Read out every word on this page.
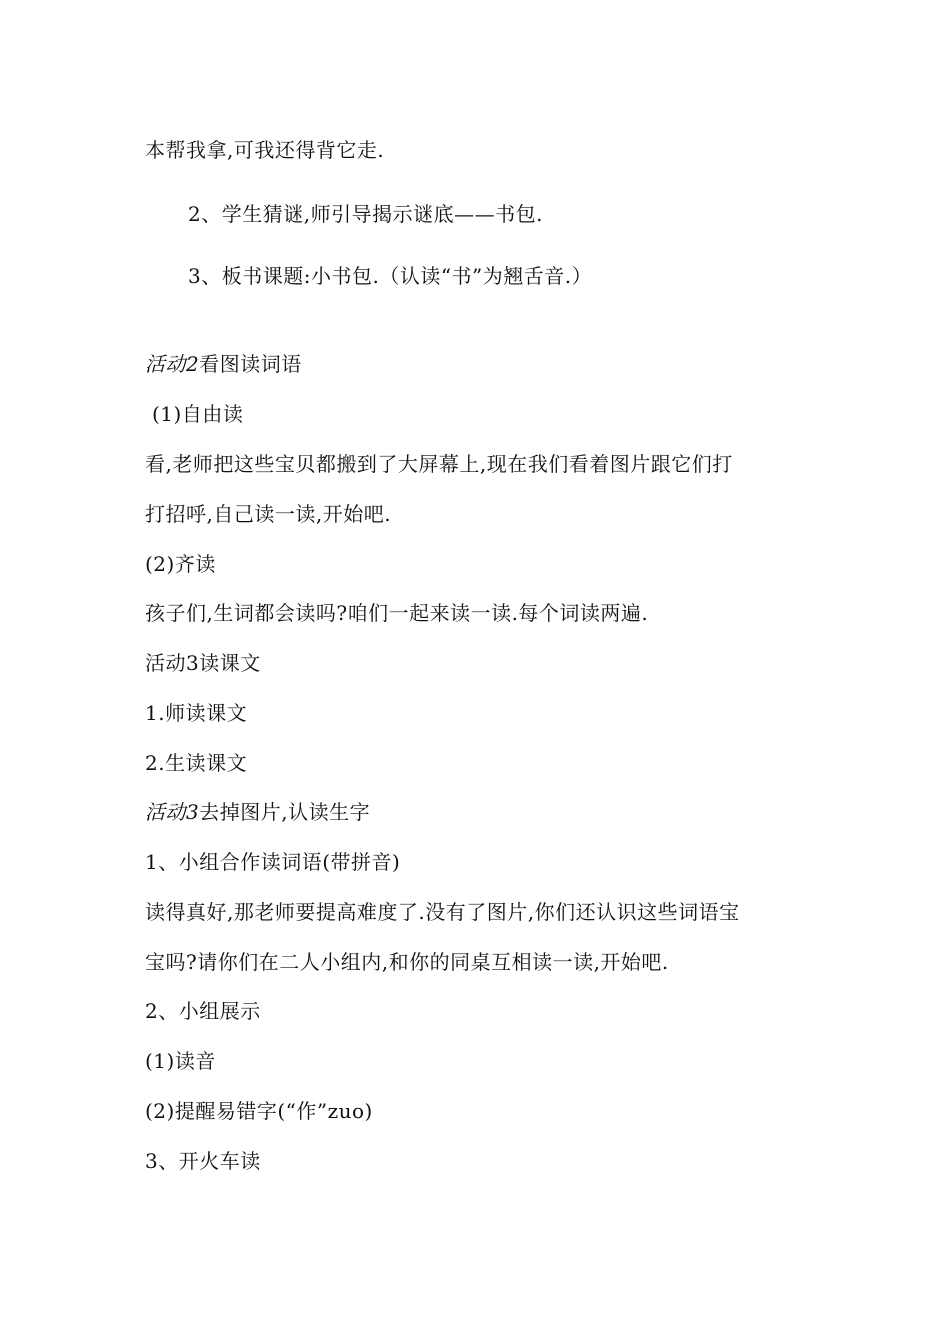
本帮我拿,可我还得背它走.
2、学生猜谜,师引导揭示谜底——书包.
3、板书课题:小书包.（认读“书”为翘舌音.）
活动2看图读词语
(1)自由读
看,老师把这些宝贝都搬到了大屏幕上,现在我们看着图片跟它们打
打招呼,自己读一读,开始吧.
(2)齐读
孩子们,生词都会读吗?咱们一起来读一读.每个词读两遍.
活动3读课文
1.师读课文
2.生读课文
活动3去掉图片,认读生字
1、小组合作读词语(带拼音)
读得真好,那老师要提高难度了.没有了图片,你们还认识这些词语宝
宝吗?请你们在二人小组内,和你的同桌互相读一读,开始吧.
2、小组展示
(1)读音
(2)提醒易错字(“作”zuo)
3、开火车读
